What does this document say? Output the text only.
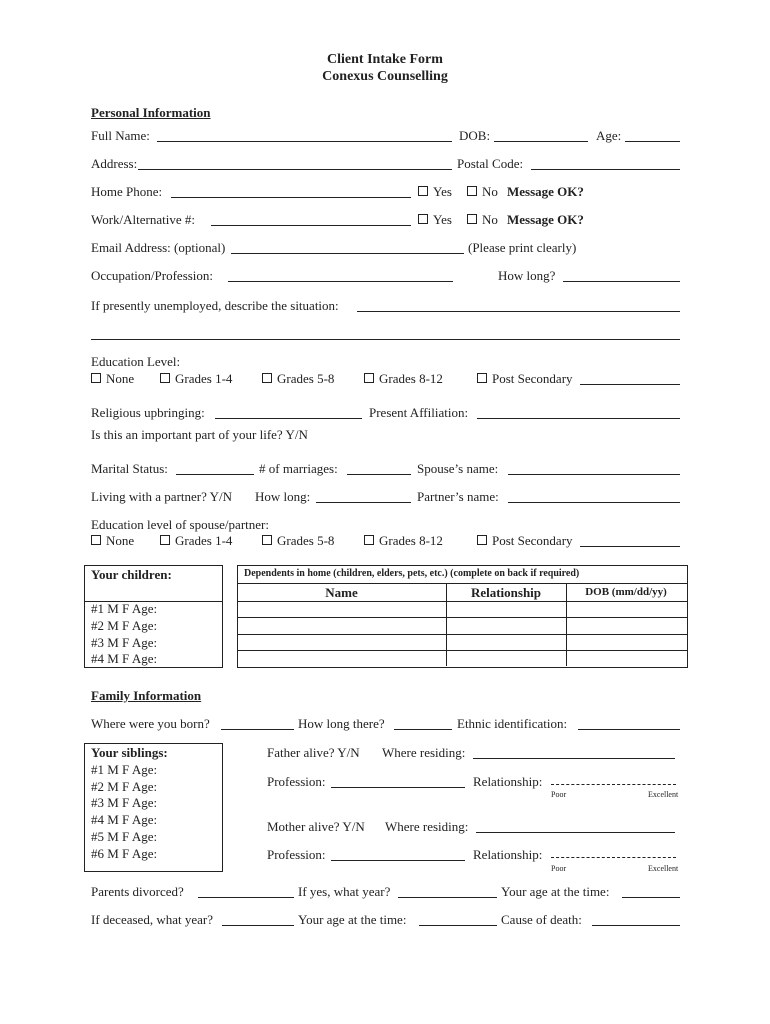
Client Intake Form
Conexus Counselling
Personal Information
Full Name:	DOB:	Age:
Address:	Postal Code:
Home Phone:	Yes	No Message OK?
Work/Alternative #:	Yes	No Message OK?
Email Address: (optional)	(Please print clearly)
Occupation/Profession:	How long?
If presently unemployed, describe the situation:
Education Level:
None	Grades 1-4	Grades 5-8	Grades 8-12	Post Secondary
Religious upbringing:	Present Affiliation:
Is this an important part of your life? Y/N
Marital Status:	# of marriages:	Spouse’s name:
Living with a partner? Y/N How long:	Partner’s name:
Education level of spouse/partner:
None	Grades 1-4	Grades 5-8	Grades 8-12	Post Secondary
Your children:
#1 M F Age:
#2 M F Age:
#3 M F Age:
#4 M F Age:
Dependents in home (children, elders, pets, etc.) (complete on back if required)
Name	Relationship	DOB (mm/dd/yy)
Family Information
Where were you born?	How long there?	Ethnic identification:
Your siblings:
#1 M F Age:
#2 M F Age:
#3 M F Age:
#4 M F Age:
#5 M F Age:
#6 M F Age:
Father alive? Y/N Where residing:
Profession:	Relationship:
Poor	Excellent
Mother alive? Y/N Where residing:
Profession:	Relationship:
Poor	Excellent
Parents divorced?	If yes, what year?	Your age at the time:
If deceased, what year?	Your age at the time:	Cause of death:
